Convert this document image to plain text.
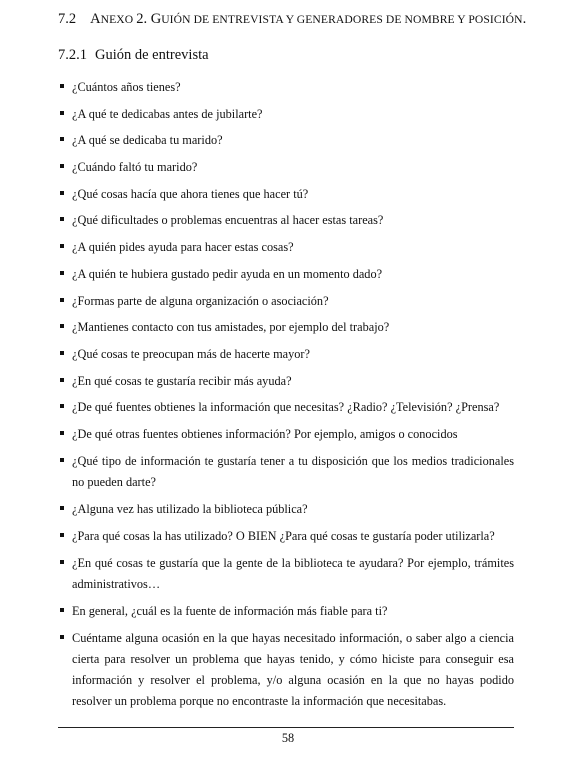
7.2 ANEXO 2. GUIÓN DE ENTREVISTA Y GENERADORES DE NOMBRE Y POSICIÓN.
7.2.1 Guión de entrevista
¿Cuántos años tienes?
¿A qué te dedicabas antes de jubilarte?
¿A qué se dedicaba tu marido?
¿Cuándo faltó tu marido?
¿Qué cosas hacía que ahora tienes que hacer tú?
¿Qué dificultades o problemas encuentras al hacer estas tareas?
¿A quién pides ayuda para hacer estas cosas?
¿A quién te hubiera gustado pedir ayuda en un momento dado?
¿Formas parte de alguna organización o asociación?
¿Mantienes contacto con tus amistades, por ejemplo del trabajo?
¿Qué cosas te preocupan más de hacerte mayor?
¿En qué cosas te gustaría recibir más ayuda?
¿De qué fuentes obtienes la información que necesitas? ¿Radio? ¿Televisión? ¿Prensa?
¿De qué otras fuentes obtienes información? Por ejemplo, amigos o conocidos
¿Qué tipo de información te gustaría tener a tu disposición que los medios tradicionales no pueden darte?
¿Alguna vez has utilizado la biblioteca pública?
¿Para qué cosas la has utilizado? O BIEN ¿Para qué cosas te gustaría poder utilizarla?
¿En qué cosas te gustaría que la gente de la biblioteca te ayudara? Por ejemplo, trámites administrativos…
En general, ¿cuál es la fuente de información más fiable para ti?
Cuéntame alguna ocasión en la que hayas necesitado información, o saber algo a ciencia cierta para resolver un problema que hayas tenido, y cómo hiciste para conseguir esa información y resolver el problema, y/o alguna ocasión en la que no hayas podido resolver un problema porque no encontraste la información que necesitabas.
58
